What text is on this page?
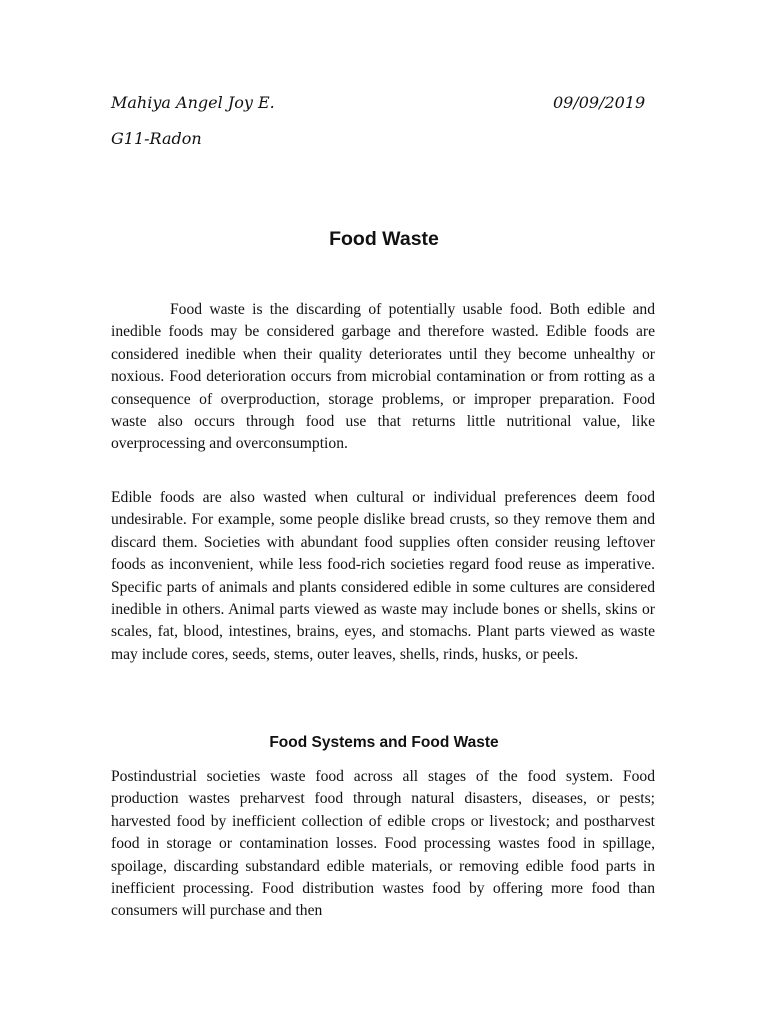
Mahiya Angel Joy E.	09/09/2019
G11-Radon
Food Waste

Food waste is the discarding of potentially usable food. Both edible and inedible foods may be considered garbage and therefore wasted. Edible foods are considered inedible when their quality deteriorates until they become unhealthy or noxious. Food deterioration occurs from microbial contamination or from rotting as a consequence of overproduction, storage problems, or improper preparation. Food waste also occurs through food use that returns little nutritional value, like overprocessing and overconsumption.

Edible foods are also wasted when cultural or individual preferences deem food undesirable. For example, some people dislike bread crusts, so they remove them and discard them. Societies with abundant food supplies often consider reusing leftover foods as inconvenient, while less food-rich societies regard food reuse as imperative. Specific parts of animals and plants considered edible in some cultures are considered inedible in others. Animal parts viewed as waste may include bones or shells, skins or scales, fat, blood, intestines, brains, eyes, and stomachs. Plant parts viewed as waste may include cores, seeds, stems, outer leaves, shells, rinds, husks, or peels.

Food Systems and Food Waste

Postindustrial societies waste food across all stages of the food system. Food production wastes preharvest food through natural disasters, diseases, or pests; harvested food by inefficient collection of edible crops or livestock; and postharvest food in storage or contamination losses. Food processing wastes food in spillage, spoilage, discarding substandard edible materials, or removing edible food parts in inefficient processing. Food distribution wastes food by offering more food than consumers will purchase and then
